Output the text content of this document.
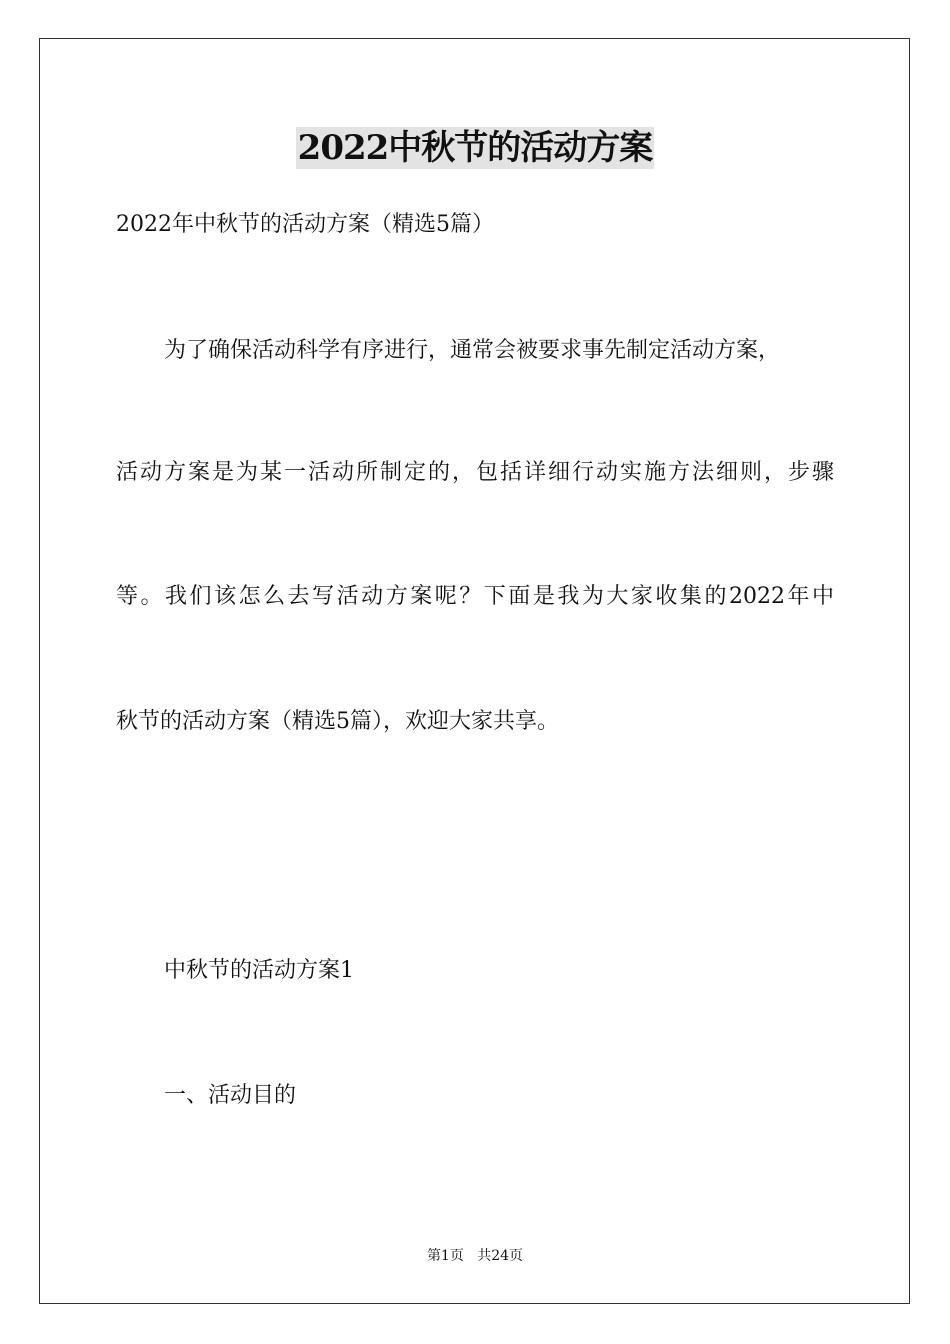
2022中秋节的活动方案

2022年中秋节的活动方案（精选5篇）

为了确保活动科学有序进行，通常会被要求事先制定活动方案，

活动方案是为某一活动所制定的，包括详细行动实施方法细则，步骤

等。我们该怎么去写活动方案呢？下面是我为大家收集的2022年中

秋节的活动方案（精选5篇），欢迎大家共享。

中秋节的活动方案1

一、活动目的

第1页 共24页
